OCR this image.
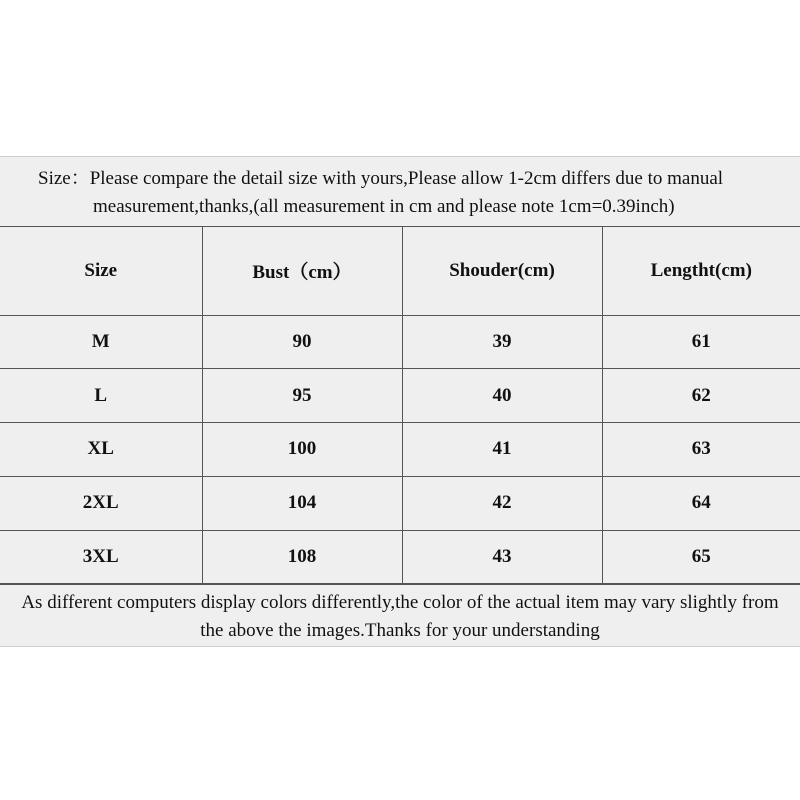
Size：Please compare the detail size with yours,Please allow 1-2cm differs due to manual
measurement,thanks,(all measurement in cm and please note 1cm=0.39inch)
Size	Bust（cm）	Shouder(cm)	Lengtht(cm)
M	90	39	61
L	95	40	62
XL	100	41	63
2XL	104	42	64
3XL	108	43	65
As different computers display colors differently,the color of the actual item may vary slightly from
the above the images.Thanks for your understanding
